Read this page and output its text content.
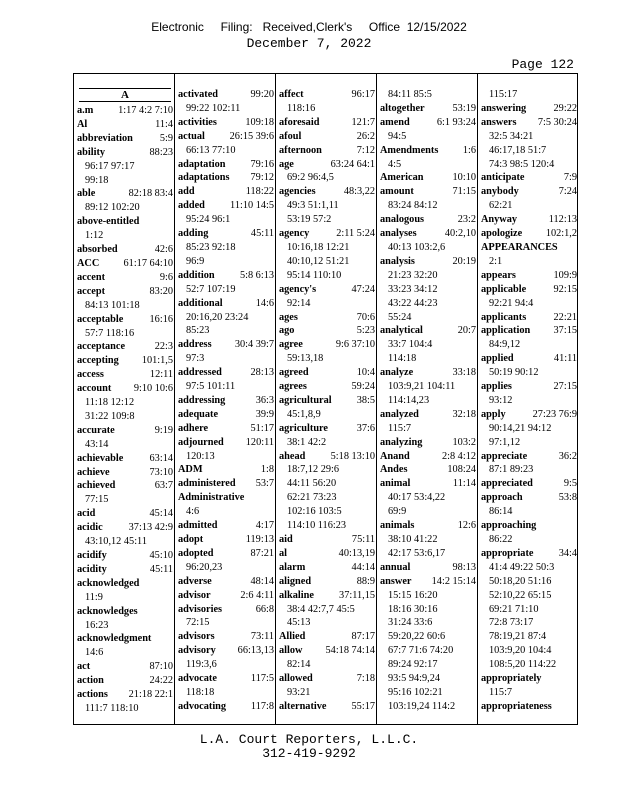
Electronic     Filing:   Received,Clerk's     Office  12/15/2022
December 7, 2022
Page 122
A
a.m 1:17 4:2 7:10
Al	11:4
abbreviation	5:9
ability	88:23
96:17 97:17
99:18
able	82:18 83:4
89:12 102:20
above-entitled
1:12
absorbed	42:6
ACC 61:17 64:10
accent	9:6
accept	83:20
84:13 101:18
acceptable	16:16
57:7 118:16
acceptance	22:3
accepting 101:1,5
access	12:11
account 9:10 10:6
11:18 12:12
31:22 109:8
accurate	9:19
43:14
achievable	63:14
achieve	73:10
achieved	63:7
77:15
acid	45:14
acidic	37:13 42:9
43:10,12 45:11
acidify	45:10
acidity	45:11
acknowledged
11:9
acknowledges
16:23
acknowledgment
14:6
act	87:10
action	24:22
actions 21:18 22:1
111:7 118:10
activated	99:20
99:22 102:11
activities	109:18
actual 26:15 39:6
66:13 77:10
adaptation 79:16
adaptations 79:12
add	118:22
added 11:10 14:5
95:24 96:1
adding	45:11
85:23 92:18
96:9
addition 5:8 6:13
52:7 107:19
additional	14:6
20:16,20 23:24
85:23
address 30:4 39:7
97:3
addressed	28:13
97:5 101:11
addressing	36:3
adequate	39:9
adhere	51:17
adjourned 120:11
120:13
ADM	1:8
administered 53:7
Administrative
4:6
admitted	4:17
adopt	119:13
adopted	87:21
96:20,23
adverse	48:14
advisor	2:6 4:11
advisories	66:8
72:15
advisors	73:11
advisory 66:13,13
119:3,6
advocate	117:5
118:18
advocating 117:8
affect	96:17
118:16
aforesaid	121:7
afoul	26:2
afternoon	7:12
age	63:24 64:1
69:2 96:4,5
agencies	48:3,22
49:3 51:1,11
53:19 57:2
agency	2:11 5:24
10:16,18 12:21
40:10,12 51:21
95:14 110:10
agency's	47:24
92:14
ages	70:6
ago	5:23
agree	9:6 37:10
59:13,18
agreed	10:4
agrees	59:24
agricultural 38:5
45:1,8,9
agriculture	37:6
38:1 42:2
ahead 5:18 13:10
18:7,12 29:6
44:11 56:20
62:21 73:23
102:16 103:5
114:10 116:23
aid	75:11
al	40:13,19
alarm	44:14
aligned	88:9
alkaline 37:11,15
38:4 42:7,7 45:5
45:13
Allied	87:17
allow 54:18 74:14
82:14
allowed	7:18
93:21
alternative 55:17
84:11 85:5
altogether	53:19
amend	6:1 93:24
94:5
Amendments 1:6
4:5
American	10:10
amount	71:15
83:24 84:12
analogous	23:2
analyses	40:2,10
40:13 103:2,6
analysis	20:19
21:23 32:20
33:23 34:12
43:22 44:23
55:24
analytical	20:7
33:7 104:4
114:18
analyze	33:18
103:9,21 104:11
114:14,23
analyzed	32:18
115:7
analyzing	103:2
Anand	2:8 4:12
Andes	108:24
animal	11:14
40:17 53:4,22
69:9
animals	12:6
38:10 41:22
42:17 53:6,17
annual	98:13
answer 14:2 15:14
15:15 16:20
18:16 30:16
31:24 33:6
59:20,22 60:6
67:7 71:6 74:20
89:24 92:17
93:5 94:9,24
95:16 102:21
103:19,24 114:2
115:17
answering	29:22
answers 7:5 30:24
32:5 34:21
46:17,18 51:7
74:3 98:5 120:4
anticipate	7:9
anybody	7:24
62:21
Anyway	112:13
apologize 102:1,2
APPEARANCES
2:1
appears	109:9
applicable	92:15
92:21 94:4
applicants	22:21
application 37:15
84:9,12
applied	41:11
50:19 90:12
applies	27:15
93:12
apply	27:23 76:9
90:14,21 94:12
97:1,12
appreciate	36:2
87:1 89:23
appreciated	9:5
approach	53:8
86:14
approaching
86:22
appropriate 34:4
41:4 49:22 50:3
50:18,20 51:16
52:10,22 65:15
69:21 71:10
72:8 73:17
78:19,21 87:4
103:9,20 104:4
108:5,20 114:22
appropriately
115:7
appropriateness
L.A. Court Reporters, L.L.C.
312-419-9292
